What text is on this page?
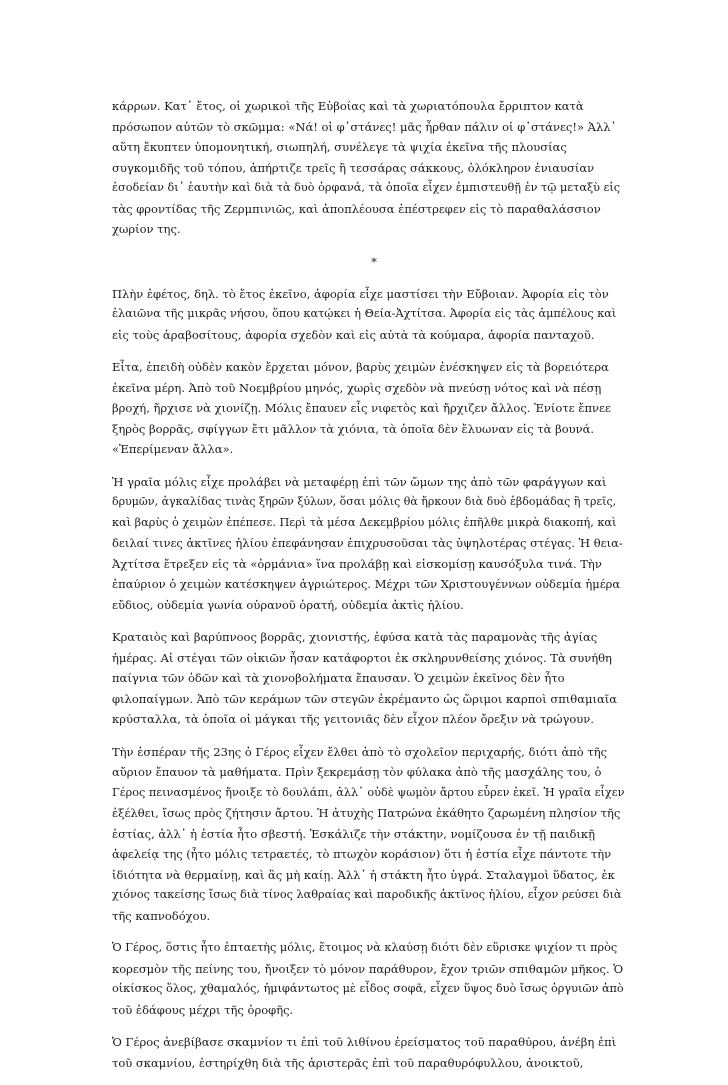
κάρρων. Κατ᾽ ἔτος, οἱ χωρικοὶ τῆς Εὐβοίας καὶ τὰ χωριατόπουλα ἔρριπτον κατὰ
πρόσωπον αὐτῶν τὸ σκῶμμα: «Νά! οἱ φ᾽στάνες! μᾶς ἦρθαν πάλιν οἱ φ᾽στάνες!» Ἀλλ᾽
αὕτη ἔκυπτεν ὑπομονητική, σιωπηλή, συνέλεγε τὰ ψιχία ἐκεῖνα τῆς πλουσίας
συγκομιδῆς τοῦ τόπου, ἀπήρτιζε τρεῖς ἢ τεσσάρας σάκκους, ὁλόκληρον ἐνιαυσίαν
ἐσοδείαν δι᾽ ἑαυτὴν καὶ διὰ τὰ δυὸ ὀρφανά, τὰ ὁποῖα εἶχεν ἐμπιστευθῇ ἐν τῷ μεταξὺ εἰς
τὰς φροντίδας τῆς Ζερμπινιῶς, καὶ ἀποπλέουσα ἐπέστρεφεν εἰς τὸ παραθαλάσσιον
χωρίον της.
*
Πλὴν ἐφέτος, δηλ. τὸ ἔτος ἐκεῖνο, ἀφορία εἶχε μαστίσει τὴν Εὔβοιαν. Ἀφορία εἰς τὸν
ἐλαιῶνα τῆς μικρᾶς νήσου, ὅπου κατῴκει ἡ Θεία-Ἀχτίτσα. Ἀφορία εἰς τὰς ἀμπέλους καὶ
εἰς τοὺς ἀραβοσίτους, ἀφορία σχεδὸν καὶ εἰς αὐτὰ τὰ κούμαρα, ἀφορία πανταχοῦ.
Εἶτα, ἐπειδὴ οὐδὲν κακὸν ἔρχεται μόνον, βαρὺς χειμὼν ἐνέσκηψεν εἰς τὰ βορειότερα
ἐκεῖνα μέρη. Ἀπὸ τοῦ Νοεμβρίου μηνός, χωρὶς σχεδὸν νὰ πνεύσῃ νότος καὶ νὰ πέσῃ
βροχή, ἤρχισε νὰ χιονίζῃ. Μόλις ἔπαυεν εἷς νιφετὸς καὶ ἤρχιζεν ἄλλος. Ἐνίοτε ἔπνεε
ξηρὸς βορρᾶς, σφίγγων ἔτι μᾶλλον τὰ χιόνια, τὰ ὁποῖα δὲν ἔλυωναν εἰς τὰ βουνά.
«Ἐπερίμεναν ἄλλα».
Ἡ γραῖα μόλις εἶχε προλάβει νὰ μεταφέρῃ ἐπὶ τῶν ὤμων της ἀπὸ τῶν φαράγγων καὶ
δρυμῶν, ἀγκαλίδας τινὰς ξηρῶν ξύλων, ὅσαι μόλις θὰ ἤρκουν διὰ δυὸ ἑβδομάδας ἢ τρεῖς,
καὶ βαρὺς ὁ χειμὼν ἐπέπεσε. Περὶ τὰ μέσα Δεκεμβρίου μόλις ἐπῆλθε μικρὰ διακοπή, καὶ
δειλαί τινες ἀκτῖνες ἡλίου ἐπεφάνησαν ἐπιχρυσοῦσαι τὰς ὑψηλοτέρας στέγας. Ἡ θεια-
Ἀχτίτσα ἔτρεξεν εἰς τὰ «ὀρμάνια» ἵνα προλάβῃ καὶ εἰσκομίσῃ καυσόξυλα τινά. Τὴν
ἐπαύριον ὁ χειμὼν κατέσκηψεν ἀγριώτερος. Μέχρι τῶν Χριστουγέννων οὐδεμία ἡμέρα
εὔδιος, οὐδεμία γωνία οὐρανοῦ ὁρατή, οὐδεμία ἀκτὶς ἡλίου.
Κραταιὸς καὶ βαρύπνοος βορρᾶς, χιονιστής, ἐφύσα κατὰ τὰς παραμονὰς τῆς ἁγίας
ἡμέρας. Αἱ στέγαι τῶν οἰκιῶν ἦσαν κατάφορτοι ἐκ σκληρυνθείσης χιόνος. Τὰ συνήθη
παίγνια τῶν ὁδῶν καὶ τὰ χιονοβολήματα ἔπαυσαν. Ὁ χειμὼν ἐκεῖνος δὲν ἦτο
φιλοπαίγμων. Ἀπὸ τῶν κεράμων τῶν στεγῶν ἐκρέμαντο ὡς ὥριμοι καρποὶ σπιθαμιαῖα
κρύσταλλα, τὰ ὁποῖα οἱ μάγκαι τῆς γειτονιᾶς δὲν εἶχον πλέον ὄρεξιν νὰ τρώγουν.
Τὴν ἑσπέραν τῆς 23ης ὁ Γέρος εἶχεν ἔλθει ἀπὸ τὸ σχολεῖον περιχαρής, διότι ἀπὸ τῆς
αὔριον ἔπαυον τὰ μαθήματα. Πρὶν ξεκρεμάσῃ τὸν φύλακα ἀπὸ τῆς μασχάλης του, ὁ
Γέρος πεινασμένος ἤνοιξε τὸ δουλάπι, ἀλλ᾽ οὐδὲ ψωμὸν ἄρτου εὗρεν ἐκεῖ. Ἡ γραῖα εἶχεν
ἐξέλθει, ἴσως πρὸς ζήτησιν ἄρτου. Ἡ ἀτυχὴς Πατρώνα ἐκάθητο ζαρωμένη πλησίον τῆς
ἑστίας, ἀλλ᾽ ἡ ἑστία ἦτο σβεστή. Ἐσκάλιζε τὴν στάκτην, νομίζουσα ἐν τῇ παιδικῇ
ἀφελείᾳ της (ἦτο μόλις τετραετές, τὸ πτωχὸν κοράσιον) ὅτι ἡ ἑστία εἶχε πάντοτε τὴν
ἰδιότητα νὰ θερμαίνῃ, καὶ ἂς μὴ καίῃ. Ἀλλ᾽ ἡ στάκτη ἦτο ὑγρά. Σταλαγμοὶ ὕδατος, ἐκ
χιόνος τακείσης ἴσως διὰ τίνος λαθραίας καὶ παροδικῆς ἀκτῖνος ἡλίου, εἶχον ρεύσει διὰ
τῆς καπνοδόχου.
Ὁ Γέρος, ὅστις ἦτο ἑπταετὴς μόλις, ἕτοιμος νὰ κλαύσῃ διότι δὲν εὕρισκε ψιχίον τι πρὸς
κορεσμὸν τῆς πείνης του, ἤνοιξεν τὸ μόνον παράθυρον, ἔχον τριῶν σπιθαμῶν μῆκος. Ὁ
οἰκίσκος ὅλος, χθαμαλός, ἡμιφάντωτος μὲ εἶδος σοφᾶ, εἶχεν ὕψος δυὸ ἴσως ὀργυιῶν ἀπὸ
τοῦ ἐδάφους μέχρι τῆς ὀροφῆς.
Ὁ Γέρος ἀνεβίβασε σκαμνίον τι ἐπὶ τοῦ λιθίνου ἐρείσματος τοῦ παραθύρου, ἀνέβη ἐπὶ
τοῦ σκαμνίου, ἐστηρίχθη διὰ τῆς ἀριστερᾶς ἐπὶ τοῦ παραθυρόφυλλου, ἀνοικτοῦ,
